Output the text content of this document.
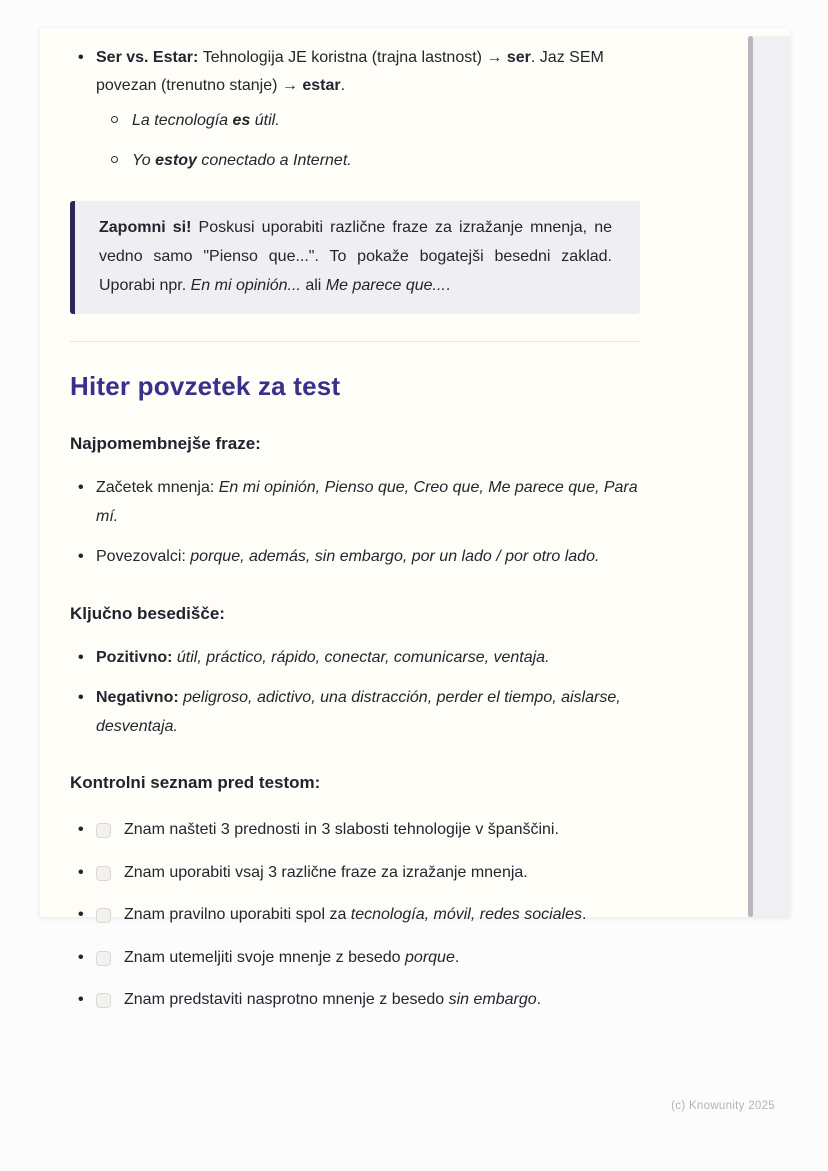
• Ser vs. Estar: Tehnologija JE koristna (trajna lastnost) → ser. Jaz SEM povezan (trenutno stanje) → estar.

La tecnología es útil.

Yo estoy conectado a Internet.

Zapomni si! Poskusi uporabiti različne fraze za izražanje mnenja, ne vedno samo "Pienso que...". To pokaže bogatejši besedni zaklad. Uporabi npr. En mi opinión... ali Me parece que....

Hiter povzetek za test
Najpomembnejše fraze:
• Začetek mnenja: En mi opinión, Pienso que, Creo que, Me parece que, Para mí.

• Povezovalci: porque, además, sin embargo, por un lado / por otro lado.

Ključno besedišče:
• Pozitivno: útil, práctico, rápido, conectar, comunicarse, ventaja.

• Negativno: peligroso, adictivo, una distracción, perder el tiempo, aislarse, desventaja.

Kontrolni seznam pred testom:
•	Znam našteti 3 prednosti in 3 slabosti tehnologije v španščini.

•	Znam uporabiti vsaj 3 različne fraze za izražanje mnenja.

•	Znam pravilno uporabiti spol za tecnología, móvil, redes sociales.

•	Znam utemeljiti svoje mnenje z besedo porque.

•	Znam predstaviti nasprotno mnenje z besedo sin embargo.

(c) Knowunity 2025
